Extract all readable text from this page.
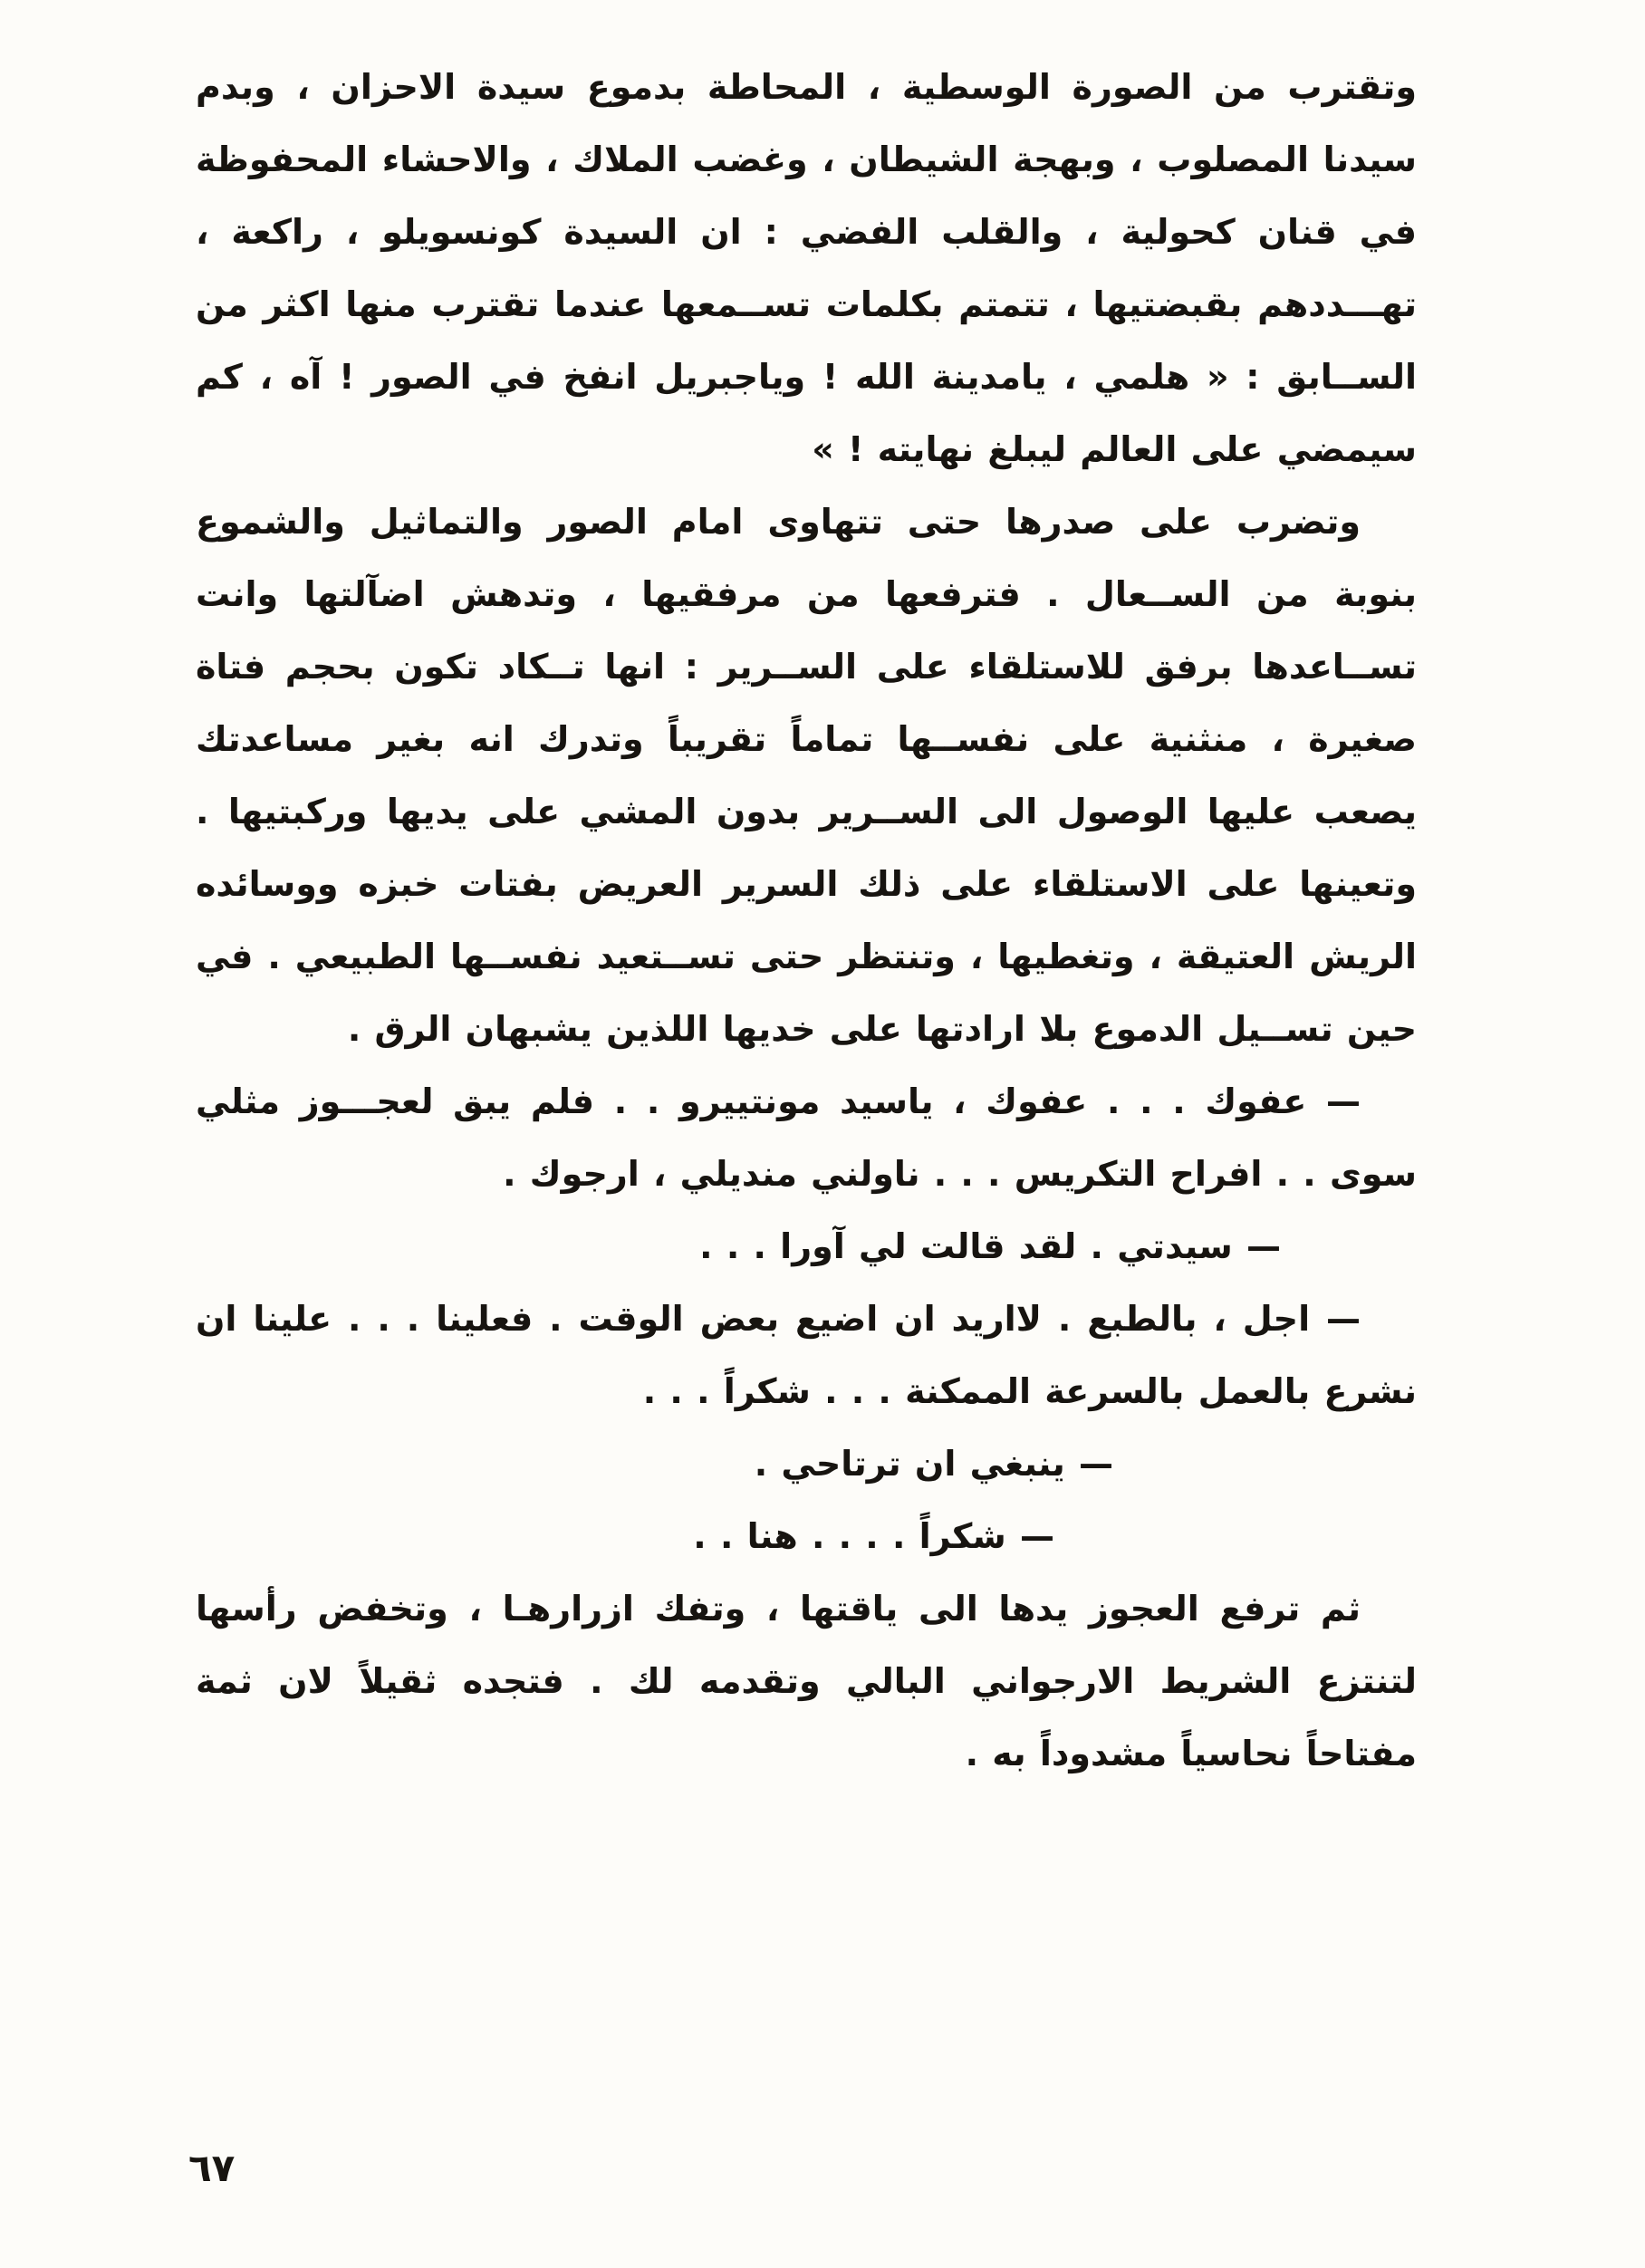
وتقترب من الصورة الوسطية ، المحاطة بدموع سيدة الاحزان ، وبدم سيدنا المصلوب ، وبهجة الشيطان ، وغضب الملاك ، والاحشاء المحفوظة في قنان كحولية ، والقلب الفضي : ان السيدة كونسويلو ، راكعة ، تهـــددهم بقبضتيها ، تتمتم بكلمات تســمعها عندما تقترب منها اكثر من الســابق : « هلمي ، يامدينة الله ! وياجبريل انفخ في الصور ! آه ، كم سيمضي على العالم ليبلغ نهايته ! »

وتضرب على صدرها حتى تتهاوى امام الصور والتماثيل والشموع بنوبة من الســعال . فترفعها من مرفقيها ، وتدهش اضآلتها وانت تســاعدها برفق للاستلقاء على الســرير : انها تــكاد تكون بحجم فتاة صغيرة ، منثنية على نفســها تماماً تقريباً وتدرك انه بغير مساعدتك يصعب عليها الوصول الى الســرير بدون المشي على يديها وركبتيها . وتعينها على الاستلقاء على ذلك السرير العريض بفتات خبزه ووسائده الريش العتيقة ، وتغطيها ، وتنتظر حتى تســتعيد نفســها الطبيعي . في حين تســيل الدموع بلا ارادتها على خديها اللذين يشبهان الرق .

— عفوك . . . عفوك ، ياسيد مونتييرو . . فلم يبق لعجـــوز مثلي سوى . . افراح التكريس . . . ناولني منديلي ، ارجوك .

— سيدتي . لقد قالت لي آورا . . .

— اجل ، بالطبع . لااريد ان اضيع بعض الوقت . فعلينا . . . علينا ان نشرع بالعمل بالسرعة الممكنة . . . شكراً . . .

— ينبغي ان ترتاحي .

— شكراً . . . . هنا . .

ثم ترفع العجوز يدها الى ياقتها ، وتفك ازرارهـا ، وتخفض رأسها لتنتزع الشريط الارجواني البالي وتقدمه لك . فتجده ثقيلاً لان ثمة مفتاحاً نحاسياً مشدوداً به .

٦٧
